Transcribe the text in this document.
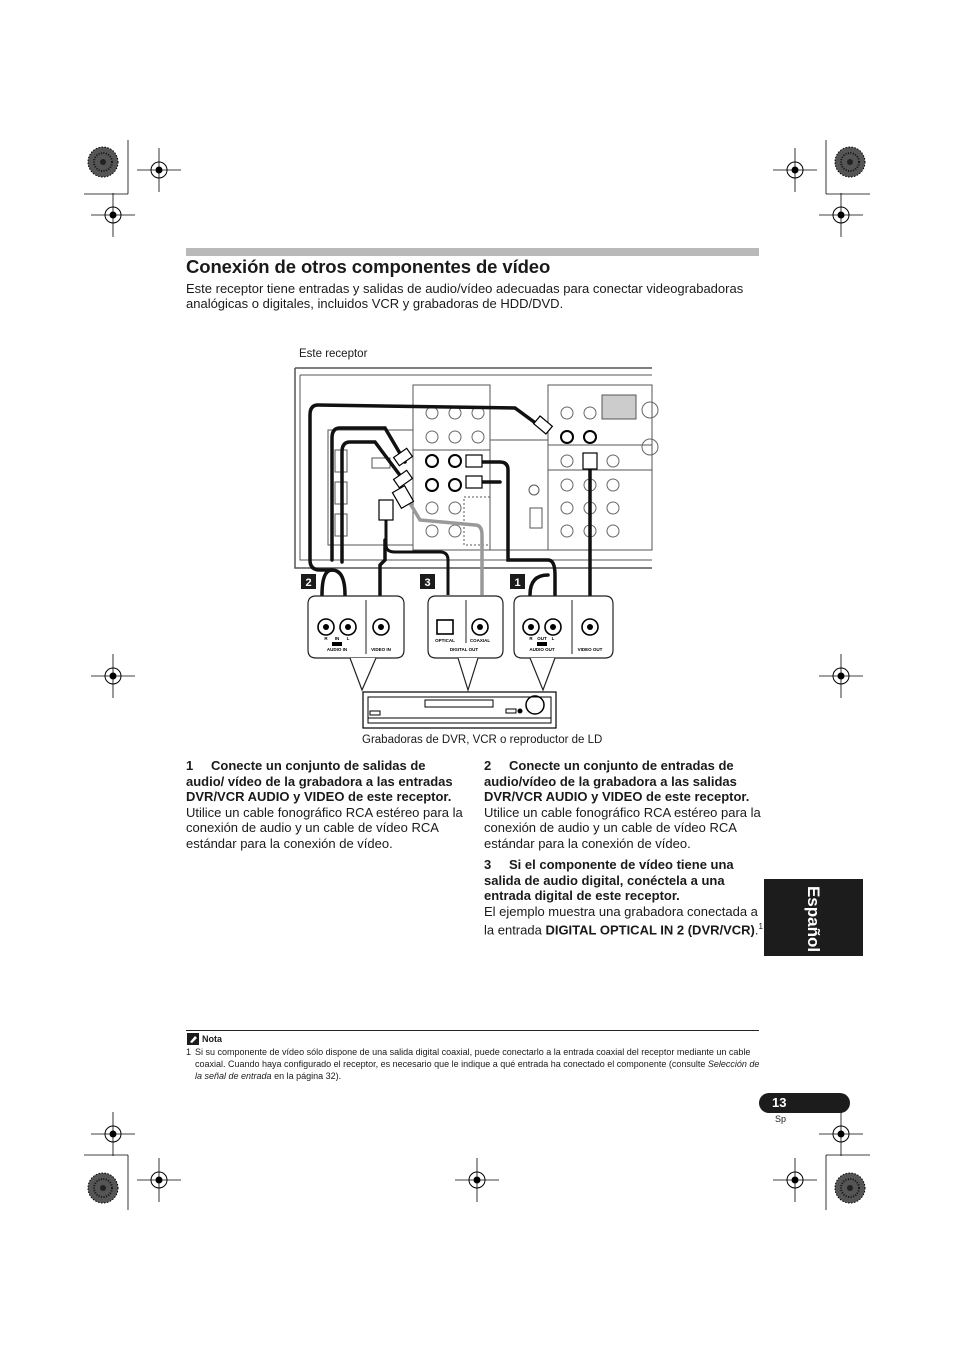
Conexión de otros componentes de vídeo
Este receptor tiene entradas y salidas de audio/vídeo adecuadas para conectar videograbadoras analógicas o digitales, incluidos VCR y grabadoras de HDD/DVD.
Este receptor
2	3	1
R IN L
AUDIO IN	VIDEO IN
OPTICAL	COAXIAL
DIGITAL OUT
R OUT L
AUDIO OUT	VIDEO OUT
Grabadoras de DVR, VCR o reproductor de LD
1 Conecte un conjunto de salidas de audio/ vídeo de la grabadora a las entradas DVR/VCR AUDIO y VIDEO de este receptor.
Utilice un cable fonográfico RCA estéreo para la conexión de audio y un cable de vídeo RCA estándar para la conexión de vídeo.
2 Conecte un conjunto de entradas de audio/vídeo de la grabadora a las salidas DVR/VCR AUDIO y VIDEO de este receptor.
Utilice un cable fonográfico RCA estéreo para la conexión de audio y un cable de vídeo RCA estándar para la conexión de vídeo.
3 Si el componente de vídeo tiene una salida de audio digital, conéctela a una entrada digital de este receptor.
El ejemplo muestra una grabadora conectada a la entrada DIGITAL OPTICAL IN 2 (DVR/VCR).$^1$	Español
Nota
1 Si su componente de vídeo sólo dispone de una salida digital coaxial, puede conectarlo a la entrada coaxial del receptor mediante un cable coaxial. Cuando haya configurado el receptor, es necesario que le indique a qué entrada ha conectado el componente (consulte Selección de la señal de entrada en la página 32).
13
Sp
